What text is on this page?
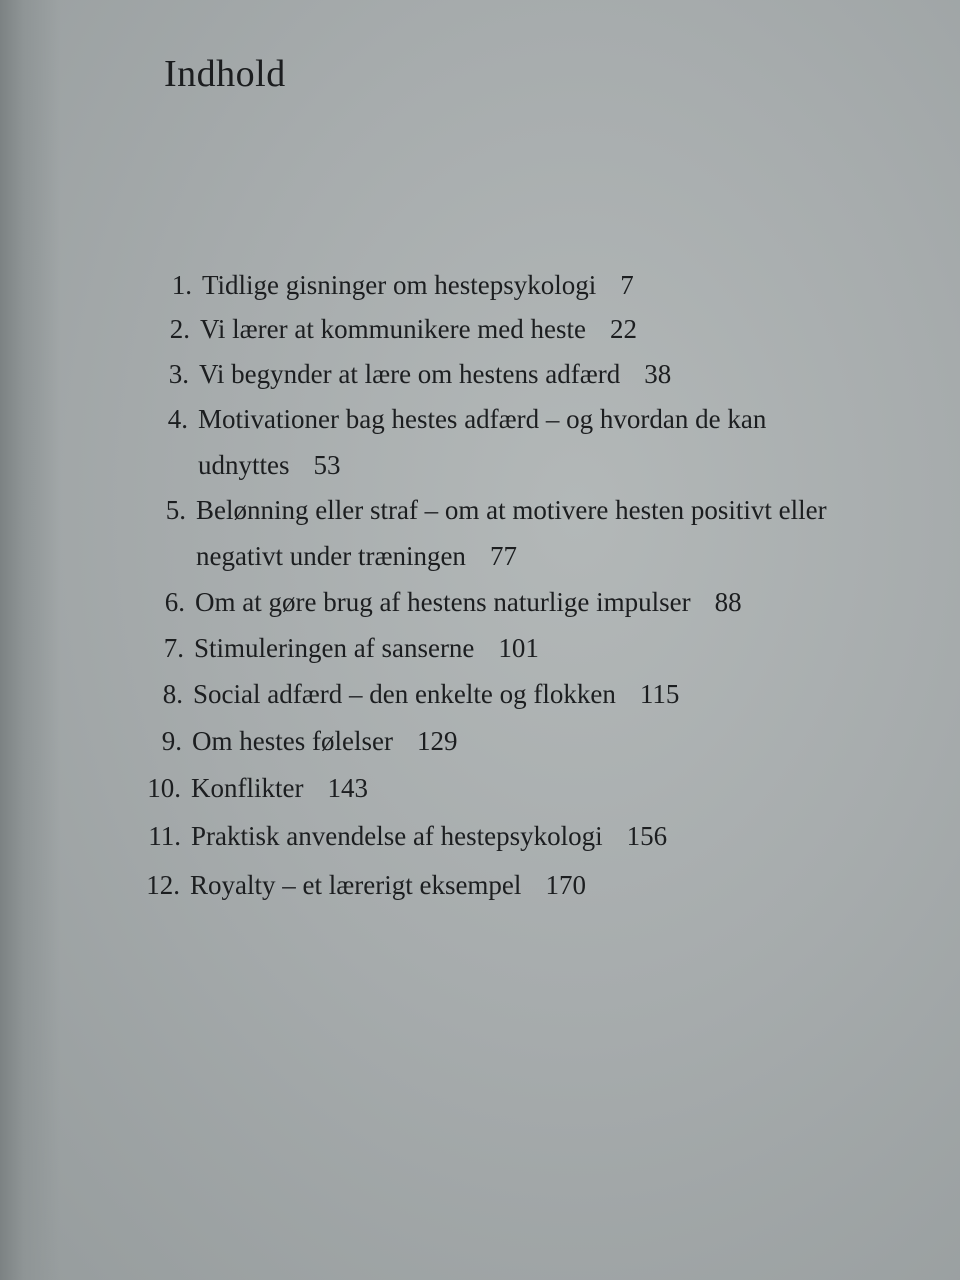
Indhold
1. Tidlige gisninger om hestepsykologi 7
2. Vi lærer at kommunikere med heste 22
3. Vi begynder at lære om hestens adfærd 38
4. Motivationer bag hestes adfærd – og hvordan de kan
udnyttes 53
5. Belønning eller straf – om at motivere hesten positivt eller
negativt under træningen 77
6. Om at gøre brug af hestens naturlige impulser 88
7. Stimuleringen af sanserne 101
8. Social adfærd – den enkelte og flokken 115
9. Om hestes følelser 129
10. Konflikter 143
11. Praktisk anvendelse af hestepsykologi 156
12. Royalty – et lærerigt eksempel 170
